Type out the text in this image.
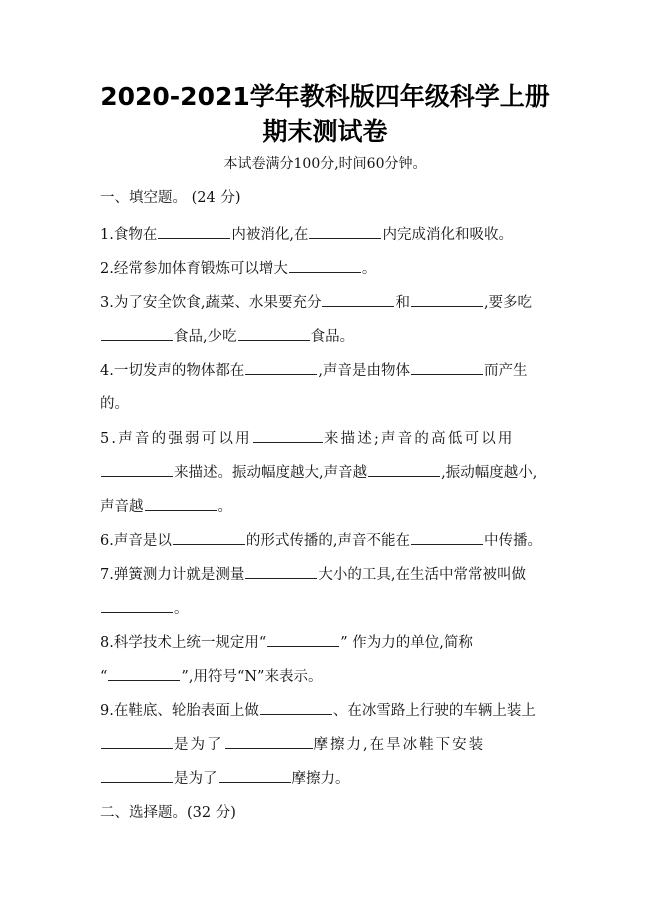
2020-2021学年教科版四年级科学上册
期末测试卷
本试卷满分100分,时间60分钟。
一、填空题。 (24 分)
1.食物在	内被消化,在	内完成消化和吸收。
2.经常参加体育锻炼可以增大	。
3.为了安全饮食,蔬菜、水果要充分	和	,要多吃
食品,少吃	食品。
4.一切发声的物体都在	,声音是由物体	而产生
的。
5.声音的强弱可以用	来描述;声音的高低可以用
来描述。振动幅度越大,声音越	,振动幅度越小,
声音越	。
6.声音是以	的形式传播的,声音不能在	中传播。
7.弹簧测力计就是测量	大小的工具,在生活中常常被叫做
。
8.科学技术上统一规定用“	” 作为力的单位,简称
“	”,用符号“N”来表示。
9.在鞋底、轮胎表面上做	、在冰雪路上行驶的车辆上装上
是为了	摩擦力,在旱冰鞋下安装
是为了	摩擦力。
二、选择题。(32 分)
